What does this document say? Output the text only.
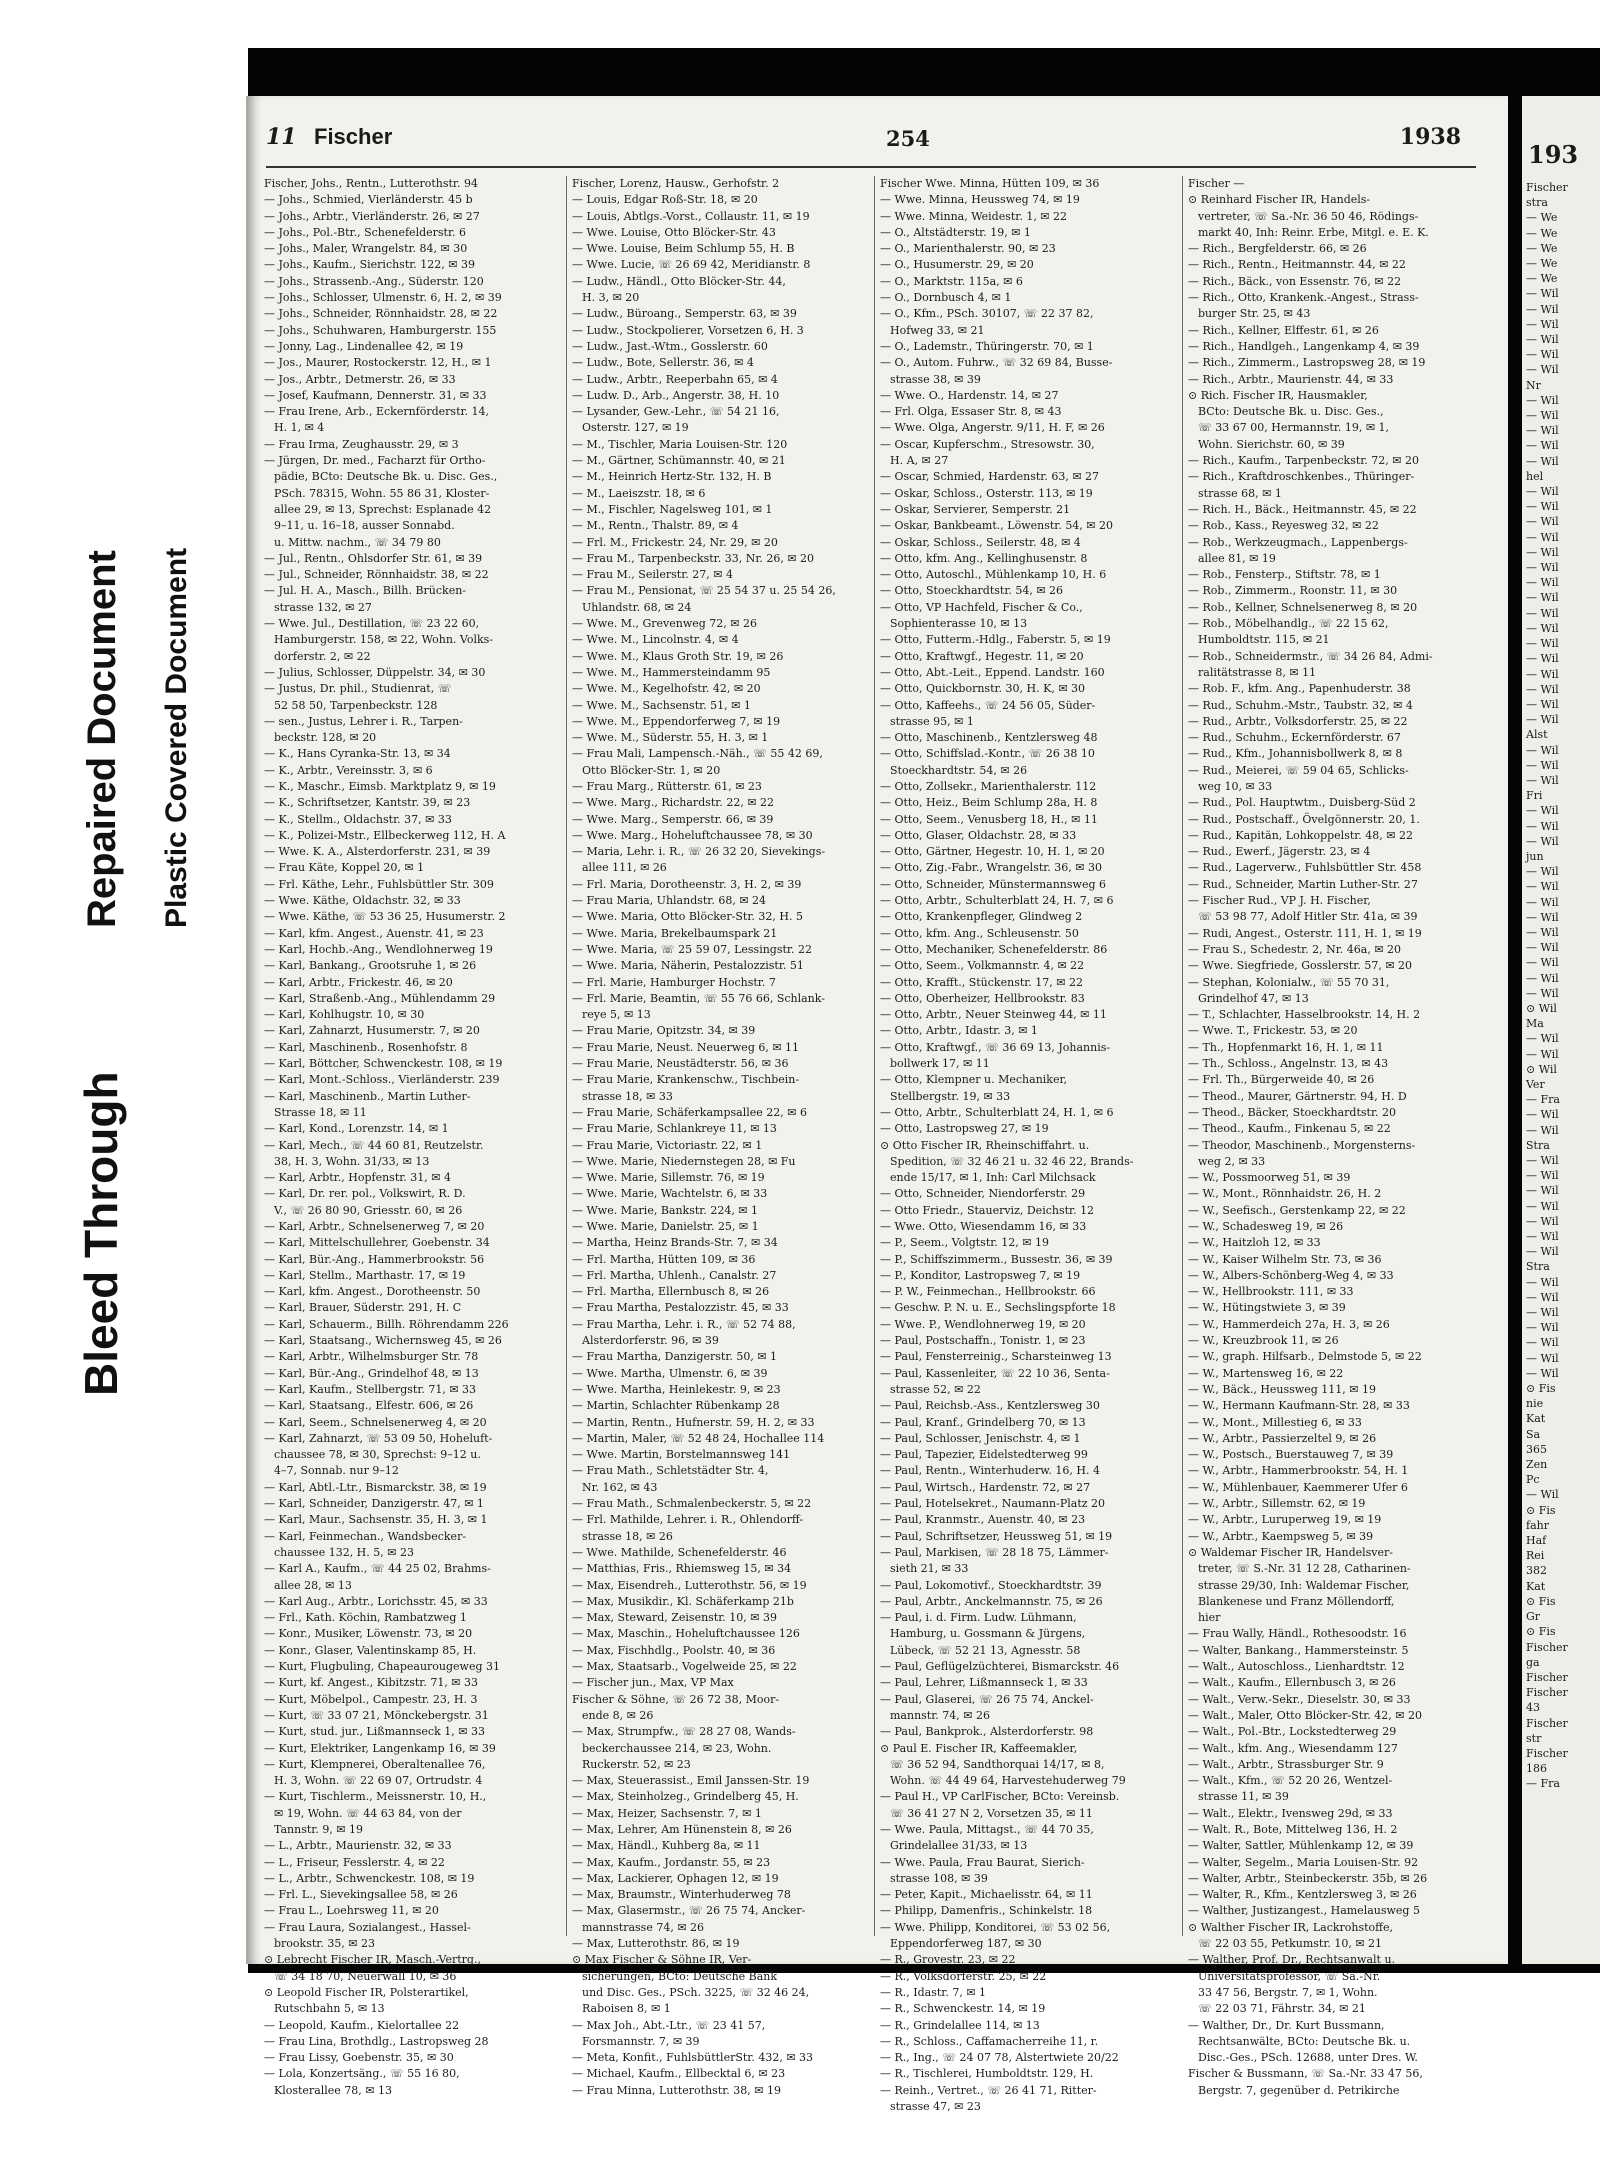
Bleed Through
Repaired Document Plastic Covered Document
11 Fischer	254	1938
Fischer, Johs., Rentn., Lutterothstr. 94
— Johs., Schmied, Vierländerstr. 45 b
— Johs., Arbtr., Vierländerstr. 26, ✉ 27
— Johs., Pol.-Btr., Schenefelderstr. 6
— Johs., Maler, Wrangelstr. 84, ✉ 30
— Johs., Kaufm., Sierichstr. 122, ✉ 39
— Johs., Strassenb.-Ang., Süderstr. 120
— Johs., Schlosser, Ulmenstr. 6, H. 2, ✉ 39
— Johs., Schneider, Rönnhaidstr. 28, ✉ 22
— Johs., Schuhwaren, Hamburgerstr. 155
— Jonny, Lag., Lindenallee 42, ✉ 19
— Jos., Maurer, Rostockerstr. 12, H., ✉ 1
— Jos., Arbtr., Detmerstr. 26, ✉ 33
— Josef, Kaufmann, Dennerstr. 31, ✉ 33
— Frau Irene, Arb., Eckernförderstr. 14,
H. 1, ✉ 4
— Frau Irma, Zeughausstr. 29, ✉ 3
— Jürgen, Dr. med., Facharzt für Ortho-
pädie, BCto: Deutsche Bk. u. Disc. Ges.,
PSch. 78315, Wohn. 55 86 31, Kloster-
allee 29, ✉ 13, Sprechst: Esplanade 42
9–11, u. 16–18, ausser Sonnabd.
u. Mittw. nachm., ☏ 34 79 80
— Jul., Rentn., Ohlsdorfer Str. 61, ✉ 39
— Jul., Schneider, Rönnhaidstr. 38, ✉ 22
— Jul. H. A., Masch., Billh. Brücken-
strasse 132, ✉ 27
— Wwe. Jul., Destillation, ☏ 23 22 60,
Hamburgerstr. 158, ✉ 22, Wohn. Volks-
dorferstr. 2, ✉ 22
— Julius, Schlosser, Düppelstr. 34, ✉ 30
— Justus, Dr. phil., Studienrat, ☏
52 58 50, Tarpenbeckstr. 128
— sen., Justus, Lehrer i. R., Tarpen-
beckstr. 128, ✉ 20
— K., Hans Cyranka-Str. 13, ✉ 34
— K., Arbtr., Vereinsstr. 3, ✉ 6
— K., Maschr., Eimsb. Marktplatz 9, ✉ 19
— K., Schriftsetzer, Kantstr. 39, ✉ 23
— K., Stellm., Oldachstr. 37, ✉ 33
— K., Polizei-Mstr., Ellbeckerweg 112, H. A
— Wwe. K. A., Alsterdorferstr. 231, ✉ 39
— Frau Käte, Koppel 20, ✉ 1
— Frl. Käthe, Lehr., Fuhlsbüttler Str. 309
— Wwe. Käthe, Oldachstr. 32, ✉ 33
— Wwe. Käthe, ☏ 53 36 25, Husumerstr. 2
— Karl, kfm. Angest., Auenstr. 41, ✉ 23
— Karl, Hochb.-Ang., Wendlohnerweg 19
— Karl, Bankang., Grootsruhe 1, ✉ 26
— Karl, Arbtr., Frickestr. 46, ✉ 20
— Karl, Straßenb.-Ang., Mühlendamm 29
— Karl, Kohlhugstr. 10, ✉ 30
— Karl, Zahnarzt, Husumerstr. 7, ✉ 20
— Karl, Maschinenb., Rosenhofstr. 8
— Karl, Böttcher, Schwenckestr. 108, ✉ 19
— Karl, Mont.-Schloss., Vierländerstr. 239
— Karl, Maschinenb., Martin Luther-
Strasse 18, ✉ 11
— Karl, Kond., Lorenzstr. 14, ✉ 1
— Karl, Mech., ☏ 44 60 81, Reutzelstr.
38, H. 3, Wohn. 31/33, ✉ 13
— Karl, Arbtr., Hopfenstr. 31, ✉ 4
— Karl, Dr. rer. pol., Volkswirt, R. D.
V., ☏ 26 80 90, Griesstr. 60, ✉ 26
— Karl, Arbtr., Schnelsenerweg 7, ✉ 20
— Karl, Mittelschullehrer, Goebenstr. 34
— Karl, Bür.-Ang., Hammerbrookstr. 56
— Karl, Stellm., Marthastr. 17, ✉ 19
— Karl, kfm. Angest., Dorotheenstr. 50
— Karl, Brauer, Süderstr. 291, H. C
— Karl, Schauerm., Billh. Röhrendamm 226
— Karl, Staatsang., Wichernsweg 45, ✉ 26
— Karl, Arbtr., Wilhelmsburger Str. 78
— Karl, Bür.-Ang., Grindelhof 48, ✉ 13
— Karl, Kaufm., Stellbergstr. 71, ✉ 33
— Karl, Staatsang., Elfestr. 606, ✉ 26
— Karl, Seem., Schnelsenerweg 4, ✉ 20
— Karl, Zahnarzt, ☏ 53 09 50, Hoheluft-
chaussee 78, ✉ 30, Sprechst: 9–12 u.
4–7, Sonnab. nur 9–12
— Karl, Abtl.-Ltr., Bismarckstr. 38, ✉ 19
— Karl, Schneider, Danzigerstr. 47, ✉ 1
— Karl, Maur., Sachsenstr. 35, H. 3, ✉ 1
— Karl, Feinmechan., Wandsbecker-
chaussee 132, H. 5, ✉ 23
— Karl A., Kaufm., ☏ 44 25 02, Brahms-
allee 28, ✉ 13
— Karl Aug., Arbtr., Lorichsstr. 45, ✉ 33
— Frl., Kath. Köchin, Rambatzweg 1
— Konr., Musiker, Löwenstr. 73, ✉ 20
— Konr., Glaser, Valentinskamp 85, H.
— Kurt, Flugbuling, Chapeaurougeweg 31
— Kurt, kf. Angest., Kibitzstr. 71, ✉ 33
— Kurt, Möbelpol., Campestr. 23, H. 3
— Kurt, ☏ 33 07 21, Mönckebergstr. 31
— Kurt, stud. jur., Lißmannseck 1, ✉ 33
— Kurt, Elektriker, Langenkamp 16, ✉ 39
— Kurt, Klempnerei, Oberaltenallee 76,
H. 3, Wohn. ☏ 22 69 07, Ortrudstr. 4
— Kurt, Tischlerm., Meissnerstr. 10, H.,
✉ 19, Wohn. ☏ 44 63 84, von der
Tannstr. 9, ✉ 19
— L., Arbtr., Maurienstr. 32, ✉ 33
— L., Friseur, Fesslerstr. 4, ✉ 22
— L., Arbtr., Schwenckestr. 108, ✉ 19
— Frl. L., Sievekingsallee 58, ✉ 26
— Frau L., Loehrsweg 11, ✉ 20
— Frau Laura, Sozialangest., Hassel-
brookstr. 35, ✉ 23
⊙ Lebrecht Fischer IR, Masch.-Vertrg.,
☏ 34 18 70, Neuerwall 10, ✉ 36
⊙ Leopold Fischer IR, Polsterartikel,
Rutschbahn 5, ✉ 13
— Leopold, Kaufm., Kielortallee 22
— Frau Lina, Brothdlg., Lastropsweg 28
— Frau Lissy, Goebenstr. 35, ✉ 30
— Lola, Konzertsäng., ☏ 55 16 80,
Klosterallee 78, ✉ 13
Fischer, Lorenz, Hausw., Gerhofstr. 2
— Louis, Edgar Roß-Str. 18, ✉ 20
— Louis, Abtlgs.-Vorst., Collaustr. 11, ✉ 19
— Wwe. Louise, Otto Blöcker-Str. 43
— Wwe. Louise, Beim Schlump 55, H. B
— Wwe. Lucie, ☏ 26 69 42, Meridianstr. 8
— Ludw., Händl., Otto Blöcker-Str. 44,
H. 3, ✉ 20
— Ludw., Büroang., Semperstr. 63, ✉ 39
— Ludw., Stockpolierer, Vorsetzen 6, H. 3
— Ludw., Jast.-Wtm., Gosslerstr. 60
— Ludw., Bote, Sellerstr. 36, ✉ 4
— Ludw., Arbtr., Reeperbahn 65, ✉ 4
— Ludw. D., Arb., Angerstr. 38, H. 10
— Lysander, Gew.-Lehr., ☏ 54 21 16,
Osterstr. 127, ✉ 19
— M., Tischler, Maria Louisen-Str. 120
— M., Gärtner, Schümannstr. 40, ✉ 21
— M., Heinrich Hertz-Str. 132, H. B
— M., Laeiszstr. 18, ✉ 6
— M., Fischler, Nagelsweg 101, ✉ 1
— M., Rentn., Thalstr. 89, ✉ 4
— Frl. M., Frickestr. 24, Nr. 29, ✉ 20
— Frau M., Tarpenbeckstr. 33, Nr. 26, ✉ 20
— Frau M., Seilerstr. 27, ✉ 4
— Frau M., Pensionat, ☏ 25 54 37 u. 25 54 26,
Uhlandstr. 68, ✉ 24
— Wwe. M., Grevenweg 72, ✉ 26
— Wwe. M., Lincolnstr. 4, ✉ 4
— Wwe. M., Klaus Groth Str. 19, ✉ 26
— Wwe. M., Hammersteindamm 95
— Wwe. M., Kegelhofstr. 42, ✉ 20
— Wwe. M., Sachsenstr. 51, ✉ 1
— Wwe. M., Eppendorferweg 7, ✉ 19
— Wwe. M., Süderstr. 55, H. 3, ✉ 1
— Frau Mali, Lampensch.-Näh., ☏ 55 42 69,
Otto Blöcker-Str. 1, ✉ 20
— Frau Marg., Rütterstr. 61, ✉ 23
— Wwe. Marg., Richardstr. 22, ✉ 22
— Wwe. Marg., Semperstr. 66, ✉ 39
— Wwe. Marg., Hoheluftchaussee 78, ✉ 30
— Maria, Lehr. i. R., ☏ 26 32 20, Sievekings-
allee 111, ✉ 26
— Frl. Maria, Dorotheenstr. 3, H. 2, ✉ 39
— Frau Maria, Uhlandstr. 68, ✉ 24
— Wwe. Maria, Otto Blöcker-Str. 32, H. 5
— Wwe. Maria, Brekelbaumspark 21
— Wwe. Maria, ☏ 25 59 07, Lessingstr. 22
— Wwe. Maria, Näherin, Pestalozzistr. 51
— Frl. Marie, Hamburger Hochstr. 7
— Frl. Marie, Beamtin, ☏ 55 76 66, Schlank-
reye 5, ✉ 13
— Frau Marie, Opitzstr. 34, ✉ 39
— Frau Marie, Neust. Neuerweg 6, ✉ 11
— Frau Marie, Neustädterstr. 56, ✉ 36
— Frau Marie, Krankenschw., Tischbein-
strasse 18, ✉ 33
— Frau Marie, Schäferkampsallee 22, ✉ 6
— Frau Marie, Schlankreye 11, ✉ 13
— Frau Marie, Victoriastr. 22, ✉ 1
— Wwe. Marie, Niedernstegen 28, ✉ Fu
— Wwe. Marie, Sillemstr. 76, ✉ 19
— Wwe. Marie, Wachtelstr. 6, ✉ 33
— Wwe. Marie, Bankstr. 224, ✉ 1
— Wwe. Marie, Danielstr. 25, ✉ 1
— Martha, Heinz Brands-Str. 7, ✉ 34
— Frl. Martha, Hütten 109, ✉ 36
— Frl. Martha, Uhlenh., Canalstr. 27
— Frl. Martha, Ellernbusch 8, ✉ 26
— Frau Martha, Pestalozzistr. 45, ✉ 33
— Frau Martha, Lehr. i. R., ☏ 52 74 88,
Alsterdorferstr. 96, ✉ 39
— Frau Martha, Danzigerstr. 50, ✉ 1
— Wwe. Martha, Ulmenstr. 6, ✉ 39
— Wwe. Martha, Heinlekestr. 9, ✉ 23
— Martin, Schlachter Rübenkamp 28
— Martin, Rentn., Hufnerstr. 59, H. 2, ✉ 33
— Martin, Maler, ☏ 52 48 24, Hochallee 114
— Wwe. Martin, Borstelmannsweg 141
— Frau Math., Schletstädter Str. 4,
Nr. 162, ✉ 43
— Frau Math., Schmalenbeckerstr. 5, ✉ 22
— Frl. Mathilde, Lehrer. i. R., Ohlendorff-
strasse 18, ✉ 26
— Wwe. Mathilde, Schenefelderstr. 46
— Matthias, Fris., Rhiemsweg 15, ✉ 34
— Max, Eisendreh., Lutterothstr. 56, ✉ 19
— Max, Musikdir., Kl. Schäferkamp 21b
— Max, Steward, Zeisenstr. 10, ✉ 39
— Max, Maschin., Hoheluftchaussee 126
— Max, Fischhdlg., Poolstr. 40, ✉ 36
— Max, Staatsarb., Vogelweide 25, ✉ 22
— Fischer jun., Max, VP Max
Fischer & Söhne, ☏ 26 72 38, Moor-
ende 8, ✉ 26
— Max, Strumpfw., ☏ 28 27 08, Wands-
beckerchaussee 214, ✉ 23, Wohn.
Ruckerstr. 52, ✉ 23
— Max, Steuerassist., Emil Janssen-Str. 19
— Max, Steinholzeg., Grindelberg 45, H.
— Max, Heizer, Sachsenstr. 7, ✉ 1
— Max, Lehrer, Am Hünenstein 8, ✉ 26
— Max, Händl., Kuhberg 8a, ✉ 11
— Max, Kaufm., Jordanstr. 55, ✉ 23
— Max, Lackierer, Ophagen 12, ✉ 19
— Max, Braumstr., Winterhuderweg 78
— Max, Glasermstr., ☏ 26 75 74, Ancker-
mannstrasse 74, ✉ 26
— Max, Lutterothstr. 86, ✉ 19
⊙ Max Fischer & Söhne IR, Ver-
sicherungen, BCto: Deutsche Bank
und Disc. Ges., PSch. 3225, ☏ 32 46 24,
Raboisen 8, ✉ 1
— Max Joh., Abt.-Ltr., ☏ 23 41 57,
Forsmannstr. 7, ✉ 39
— Meta, Konfit., FuhlsbüttlerStr. 432, ✉ 33
— Michael, Kaufm., Ellbecktal 6, ✉ 23
— Frau Minna, Lutterothstr. 38, ✉ 19
Fischer Wwe. Minna, Hütten 109, ✉ 36
— Wwe. Minna, Heussweg 74, ✉ 19
— Wwe. Minna, Weidestr. 1, ✉ 22
— O., Altstädterstr. 19, ✉ 1
— O., Marienthalerstr. 90, ✉ 23
— O., Husumerstr. 29, ✉ 20
— O., Marktstr. 115a, ✉ 6
— O., Dornbusch 4, ✉ 1
— O., Kfm., PSch. 30107, ☏ 22 37 82,
Hofweg 33, ✉ 21
— O., Lademstr., Thüringerstr. 70, ✉ 1
— O., Autom. Fuhrw., ☏ 32 69 84, Busse-
strasse 38, ✉ 39
— Wwe. O., Hardenstr. 14, ✉ 27
— Frl. Olga, Essaser Str. 8, ✉ 43
— Wwe. Olga, Angerstr. 9/11, H. F, ✉ 26
— Oscar, Kupferschm., Stresowstr. 30,
H. A, ✉ 27
— Oscar, Schmied, Hardenstr. 63, ✉ 27
— Oskar, Schloss., Osterstr. 113, ✉ 19
— Oskar, Servierer, Semperstr. 21
— Oskar, Bankbeamt., Löwenstr. 54, ✉ 20
— Oskar, Schloss., Seilerstr. 48, ✉ 4
— Otto, kfm. Ang., Kellinghusenstr. 8
— Otto, Autoschl., Mühlenkamp 10, H. 6
— Otto, Stoeckhardtstr. 54, ✉ 26
— Otto, VP Hachfeld, Fischer & Co.,
Sophienterasse 10, ✉ 13
— Otto, Futterm.-Hdlg., Faberstr. 5, ✉ 19
— Otto, Kraftwgf., Hegestr. 11, ✉ 20
— Otto, Abt.-Leit., Eppend. Landstr. 160
— Otto, Quickbornstr. 30, H. K, ✉ 30
— Otto, Kaffeehs., ☏ 24 56 05, Süder-
strasse 95, ✉ 1
— Otto, Maschinenb., Kentzlersweg 48
— Otto, Schiffslad.-Kontr., ☏ 26 38 10
Stoeckhardtstr. 54, ✉ 26
— Otto, Zollsekr., Marienthalerstr. 112
— Otto, Heiz., Beim Schlump 28a, H. 8
— Otto, Seem., Venusberg 18, H., ✉ 11
— Otto, Glaser, Oldachstr. 28, ✉ 33
— Otto, Gärtner, Hegestr. 10, H. 1, ✉ 20
— Otto, Zig.-Fabr., Wrangelstr. 36, ✉ 30
— Otto, Schneider, Münstermannsweg 6
— Otto, Arbtr., Schulterblatt 24, H. 7, ✉ 6
— Otto, Krankenpfleger, Glindweg 2
— Otto, kfm. Ang., Schleusenstr. 50
— Otto, Mechaniker, Schenefelderstr. 86
— Otto, Seem., Volkmannstr. 4, ✉ 22
— Otto, Krafft., Stückenstr. 17, ✉ 22
— Otto, Oberheizer, Hellbrookstr. 83
— Otto, Arbtr., Neuer Steinweg 44, ✉ 11
— Otto, Arbtr., Idastr. 3, ✉ 1
— Otto, Kraftwgf., ☏ 36 69 13, Johannis-
bollwerk 17, ✉ 11
— Otto, Klempner u. Mechaniker,
Stellbergstr. 19, ✉ 33
— Otto, Arbtr., Schulterblatt 24, H. 1, ✉ 6
— Otto, Lastropsweg 27, ✉ 19
⊙ Otto Fischer IR, Rheinschiffahrt. u.
Spedition, ☏ 32 46 21 u. 32 46 22, Brands-
ende 15/17, ✉ 1, Inh: Carl Milchsack
— Otto, Schneider, Niendorferstr. 29
— Otto Friedr., Stauerviz, Deichstr. 12
— Wwe. Otto, Wiesendamm 16, ✉ 33
— P., Seem., Volgtstr. 12, ✉ 19
— P., Schiffszimmerm., Bussestr. 36, ✉ 39
— P., Konditor, Lastropsweg 7, ✉ 19
— P. W., Feinmechan., Hellbrookstr. 66
— Geschw. P. N. u. E., Sechslingspforte 18
— Wwe. P., Wendlohnerweg 19, ✉ 20
— Paul, Postschaffn., Tonistr. 1, ✉ 23
— Paul, Fensterreinig., Scharsteinweg 13
— Paul, Kassenleiter, ☏ 22 10 36, Senta-
strasse 52, ✉ 22
— Paul, Reichsb.-Ass., Kentzlersweg 30
— Paul, Kranf., Grindelberg 70, ✉ 13
— Paul, Schlosser, Jenischstr. 4, ✉ 1
— Paul, Tapezier, Eidelstedterweg 99
— Paul, Rentn., Winterhuderw. 16, H. 4
— Paul, Wirtsch., Hardenstr. 72, ✉ 27
— Paul, Hotelsekret., Naumann-Platz 20
— Paul, Kranmstr., Auenstr. 40, ✉ 23
— Paul, Schriftsetzer, Heussweg 51, ✉ 19
— Paul, Markisen, ☏ 28 18 75, Lämmer-
sieth 21, ✉ 33
— Paul, Lokomotivf., Stoeckhardtstr. 39
— Paul, Arbtr., Anckelmannstr. 75, ✉ 26
— Paul, i. d. Firm. Ludw. Lühmann,
Hamburg, u. Gossmann & Jürgens,
Lübeck, ☏ 52 21 13, Agnesstr. 58
— Paul, Geflügelzüchterei, Bismarckstr. 46
— Paul, Lehrer, Lißmannseck 1, ✉ 33
— Paul, Glaserei, ☏ 26 75 74, Anckel-
mannstr. 74, ✉ 26
— Paul, Bankprok., Alsterdorferstr. 98
⊙ Paul E. Fischer IR, Kaffeemakler,
☏ 36 52 94, Sandthorquai 14/17, ✉ 8,
Wohn. ☏ 44 49 64, Harvestehuderweg 79
— Paul H., VP CarlFischer, BCto: Vereinsb.
☏ 36 41 27 N 2, Vorsetzen 35, ✉ 11
— Wwe. Paula, Mittagst., ☏ 44 70 35,
Grindelallee 31/33, ✉ 13
— Wwe. Paula, Frau Baurat, Sierich-
strasse 108, ✉ 39
— Peter, Kapit., Michaelisstr. 64, ✉ 11
— Philipp, Damenfris., Schinkelstr. 18
— Wwe. Philipp, Konditorei, ☏ 53 02 56,
Eppendorferweg 187, ✉ 30
— R., Grovestr. 23, ✉ 22
— R., Volksdorferstr. 25, ✉ 22
— R., Idastr. 7, ✉ 1
— R., Schwenckestr. 14, ✉ 19
— R., Grindelallee 114, ✉ 13
— R., Schloss., Caffamacherreihe 11, r.
— R., Ing., ☏ 24 07 78, Alstertwiete 20/22
— R., Tischlerei, Humboldtstr. 129, H.
— Reinh., Vertret., ☏ 26 41 71, Ritter-
strasse 47, ✉ 23
Fischer —
⊙ Reinhard Fischer IR, Handels-
vertreter, ☏ Sa.-Nr. 36 50 46, Rödings-
markt 40, Inh: Reinr. Erbe, Mitgl. e. E. K.
— Rich., Bergfelderstr. 66, ✉ 26
— Rich., Rentn., Heitmannstr. 44, ✉ 22
— Rich., Bäck., von Essenstr. 76, ✉ 22
— Rich., Otto, Krankenk.-Angest., Strass-
burger Str. 25, ✉ 43
— Rich., Kellner, Elffestr. 61, ✉ 26
— Rich., Handlgeh., Langenkamp 4, ✉ 39
— Rich., Zimmerm., Lastropsweg 28, ✉ 19
— Rich., Arbtr., Maurienstr. 44, ✉ 33
⊙ Rich. Fischer IR, Hausmakler,
BCto: Deutsche Bk. u. Disc. Ges.,
☏ 33 67 00, Hermannstr. 19, ✉ 1,
Wohn. Sierichstr. 60, ✉ 39
— Rich., Kaufm., Tarpenbeckstr. 72, ✉ 20
— Rich., Kraftdroschkenbes., Thüringer-
strasse 68, ✉ 1
— Rich. H., Bäck., Heitmannstr. 45, ✉ 22
— Rob., Kass., Reyesweg 32, ✉ 22
— Rob., Werkzeugmach., Lappenbergs-
allee 81, ✉ 19
— Rob., Fensterp., Stiftstr. 78, ✉ 1
— Rob., Zimmerm., Roonstr. 11, ✉ 30
— Rob., Kellner, Schnelsenerweg 8, ✉ 20
— Rob., Möbelhandlg., ☏ 22 15 62,
Humboldtstr. 115, ✉ 21
— Rob., Schneidermstr., ☏ 34 26 84, Admi-
ralitätstrasse 8, ✉ 11
— Rob. F., kfm. Ang., Papenhuderstr. 38
— Rud., Schuhm.-Mstr., Taubstr. 32, ✉ 4
— Rud., Arbtr., Volksdorferstr. 25, ✉ 22
— Rud., Schuhm., Eckernförderstr. 67
— Rud., Kfm., Johannisbollwerk 8, ✉ 8
— Rud., Meierei, ☏ 59 04 65, Schlicks-
weg 10, ✉ 33
— Rud., Pol. Hauptwtm., Duisberg-Süd 2
— Rud., Postschaff., Övelgönnerstr. 20, 1.
— Rud., Kapitän, Lohkoppelstr. 48, ✉ 22
— Rud., Ewerf., Jägerstr. 23, ✉ 4
— Rud., Lagerverw., Fuhlsbüttler Str. 458
— Rud., Schneider, Martin Luther-Str. 27
— Fischer Rud., VP J. H. Fischer,
☏ 53 98 77, Adolf Hitler Str. 41a, ✉ 39
— Rudi, Angest., Osterstr. 111, H. 1, ✉ 19
— Frau S., Schedestr. 2, Nr. 46a, ✉ 20
— Wwe. Siegfriede, Gosslerstr. 57, ✉ 20
— Stephan, Kolonialw., ☏ 55 70 31,
Grindelhof 47, ✉ 13
— T., Schlachter, Hasselbrookstr. 14, H. 2
— Wwe. T., Frickestr. 53, ✉ 20
— Th., Hopfenmarkt 16, H. 1, ✉ 11
— Th., Schloss., Angelnstr. 13, ✉ 43
— Frl. Th., Bürgerweide 40, ✉ 26
— Theod., Maurer, Gärtnerstr. 94, H. D
— Theod., Bäcker, Stoeckhardtstr. 20
— Theod., Kaufm., Finkenau 5, ✉ 22
— Theodor, Maschinenb., Morgensterns-
weg 2, ✉ 33
— W., Possmoorweg 51, ✉ 39
— W., Mont., Rönnhaidstr. 26, H. 2
— W., Seefisch., Gerstenkamp 22, ✉ 22
— W., Schadesweg 19, ✉ 26
— W., Haitzloh 12, ✉ 33
— W., Kaiser Wilhelm Str. 73, ✉ 36
— W., Albers-Schönberg-Weg 4, ✉ 33
— W., Hellbrookstr. 111, ✉ 33
— W., Hütingstwiete 3, ✉ 39
— W., Hammerdeich 27a, H. 3, ✉ 26
— W., Kreuzbrook 11, ✉ 26
— W., graph. Hilfsarb., Delmstode 5, ✉ 22
— W., Martensweg 16, ✉ 22
— W., Bäck., Heussweg 111, ✉ 19
— W., Hermann Kaufmann-Str. 28, ✉ 33
— W., Mont., Millestieg 6, ✉ 33
— W., Arbtr., Passierzeltel 9, ✉ 26
— W., Postsch., Buerstauweg 7, ✉ 39
— W., Arbtr., Hammerbrookstr. 54, H. 1
— W., Mühlenbauer, Kaemmerer Ufer 6
— W., Arbtr., Sillemstr. 62, ✉ 19
— W., Arbtr., Luruperweg 19, ✉ 19
— W., Arbtr., Kaempsweg 5, ✉ 39
⊙ Waldemar Fischer IR, Handelsver-
treter, ☏ S.-Nr. 31 12 28, Catharinen-
strasse 29/30, Inh: Waldemar Fischer,
Blankenese und Franz Möllendorff,
hier
— Frau Wally, Händl., Rothesoodstr. 16
— Walter, Bankang., Hammersteinstr. 5
— Walt., Autoschloss., Lienhardtstr. 12
— Walt., Kaufm., Ellernbusch 3, ✉ 26
— Walt., Verw.-Sekr., Dieselstr. 30, ✉ 33
— Walt., Maler, Otto Blöcker-Str. 42, ✉ 20
— Walt., Pol.-Btr., Lockstedterweg 29
— Walt., kfm. Ang., Wiesendamm 127
— Walt., Arbtr., Strassburger Str. 9
— Walt., Kfm., ☏ 52 20 26, Wentzel-
strasse 11, ✉ 39
— Walt., Elektr., Ivensweg 29d, ✉ 33
— Walt. R., Bote, Mittelweg 136, H. 2
— Walter, Sattler, Mühlenkamp 12, ✉ 39
— Walter, Segelm., Maria Louisen-Str. 92
— Walter, Arbtr., Steinbeckerstr. 35b, ✉ 26
— Walter, R., Kfm., Kentzlersweg 3, ✉ 26
— Walther, Justizangest., Hamelausweg 5
⊙ Walther Fischer IR, Lackrohstoffe,
☏ 22 03 55, Petkumstr. 10, ✉ 21
— Walther, Prof. Dr., Rechtsanwalt u.
Universitätsprofessor, ☏ Sa.-Nr.
33 47 56, Bergstr. 7, ✉ 1, Wohn.
☏ 22 03 71, Fährstr. 34, ✉ 21
— Walther, Dr., Dr. Kurt Bussmann,
Rechtsanwälte, BCto: Deutsche Bk. u.
Disc.-Ges., PSch. 12688, unter Dres. W.
Fischer & Bussmann, ☏ Sa.-Nr. 33 47 56,
Bergstr. 7, gegenüber d. Petrikirche
193
Fischer
stra
— We
— We
— We
— We
— We
— Wil
— Wil
— Wil
— Wil
— Wil
— Wil
Nr
— Wil
— Wil
— Wil
— Wil
— Wil
hel
— Wil
— Wil
— Wil
— Wil
— Wil
— Wil
— Wil
— Wil
— Wil
— Wil
— Wil
— Wil
— Wil
— Wil
— Wil
— Wil
Alst
— Wil
— Wil
— Wil
Fri
— Wil
— Wil
— Wil
jun
— Wil
— Wil
— Wil
— Wil
— Wil
— Wil
— Wil
— Wil
— Wil
⊙ Wil
Ma
— Wil
— Wil
⊙ Wil
Ver
— Fra
— Wil
— Wil
Stra
— Wil
— Wil
— Wil
— Wil
— Wil
— Wil
— Wil
Stra
— Wil
— Wil
— Wil
— Wil
— Wil
— Wil
— Wil
⊙ Fis
nie
Kat
Sa
365
Zen
Pc
— Wil
⊙ Fis
fahr
Haf
Rei
382
Kat
⊙ Fis
Gr
⊙ Fis
Fischer
ga
Fischer
Fischer
43
Fischer
str
Fischer
186
— Fra
